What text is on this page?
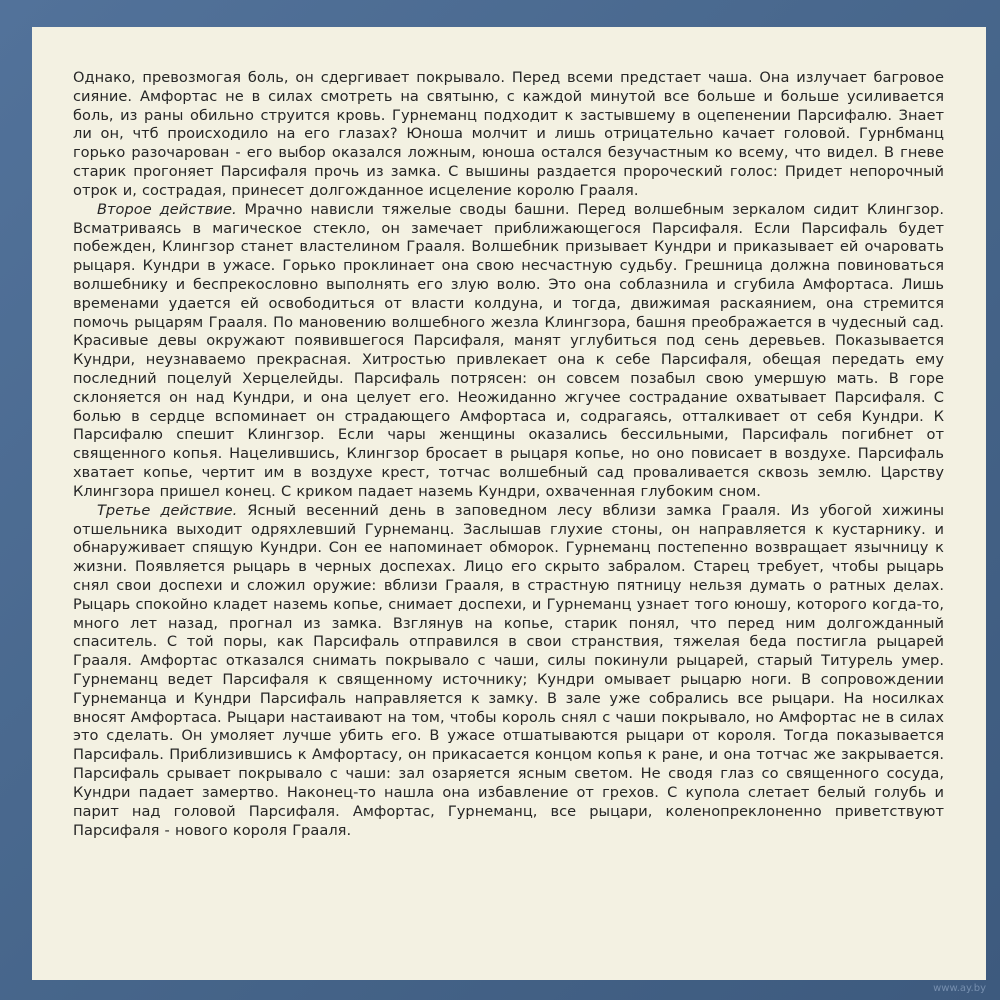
Однако, превозмогая боль, он сдергивает покрывало. Перед всеми предстает чаша. Она излучает багровое сияние. Амфортас не в силах смотреть на святыню, с каждой минутой все больше и больше усиливается боль, из раны обильно струится кровь. Гурнеманц подходит к застывшему в оцепенении Парсифалю. Знает ли он, чтб происходило на его глазах? Юноша молчит и лишь отрицательно качает головой. Гурнбманц горько разочарован - его выбор оказался ложным, юноша остался безучастным ко всему, что видел. В гневе старик прогоняет Парсифаля прочь из замка. С вышины раздается пророческий голос: Придет непорочный отрок и, сострадая, принесет долгожданное исцеление королю Грааля.

Второе действие. Мрачно нависли тяжелые своды башни. Перед волшебным зеркалом сидит Клингзор. Всматриваясь в магическое стекло, он замечает приближающегося Парсифаля. Если Парсифаль будет побежден, Клингзор станет властелином Грааля. Волшебник призывает Кундри и приказывает ей очаровать рыцаря. Кундри в ужасе. Горько проклинает она свою несчастную судьбу. Грешница должна повиноваться волшебнику и беспрекословно выполнять его злую волю. Это она соблазнила и сгубила Амфортаса. Лишь временами удается ей освободиться от власти колдуна, и тогда, движимая раскаянием, она стремится помочь рыцарям Грааля. По мановению волшебного жезла Клингзора, башня преображается в чудесный сад. Красивые девы окружают появившегося Парсифаля, манят углубиться под сень деревьев. Показывается Кундри, неузнаваемо прекрасная. Хитростью привлекает она к себе Парсифаля, обещая передать ему последний поцелуй Херцелейды. Парсифаль потрясен: он совсем позабыл свою умершую мать. В горе склоняется он над Кундри, и она целует его. Неожиданно жгучее сострадание охватывает Парсифаля. С болью в сердце вспоминает он страдающего Амфортаса и, содрагаясь, отталкивает от себя Кундри. К Парсифалю спешит Клингзор. Если чары женщины оказались бессильными, Парсифаль погибнет от священного копья. Нацелившись, Клингзор бросает в рыцаря копье, но оно повисает в воздухе. Парсифаль хватает копье, чертит им в воздухе крест, тотчас волшебный сад проваливается сквозь землю. Царству Клингзора пришел конец. С криком падает наземь Кундри, охваченная глубоким сном.

Третье действие. Ясный весенний день в заповедном лесу вблизи замка Грааля. Из убогой хижины отшельника выходит одряхлевший Гурнеманц. Заслышав глухие стоны, он направляется к кустарнику. и обнаруживает спящую Кундри. Сон ее напоминает обморок. Гурнеманц постепенно возвращает язычницу к жизни. Появляется рыцарь в черных доспехах. Лицо его скрыто забралом. Старец требует, чтобы рыцарь снял свои доспехи и сложил оружие: вблизи Грааля, в страстную пятницу нельзя думать о ратных делах. Рыцарь спокойно кладет наземь копье, снимает доспехи, и Гурнеманц узнает того юношу, которого когда-то, много лет назад, прогнал из замка. Взглянув на копье, старик понял, что перед ним долгожданный спаситель. С той поры, как Парсифаль отправился в свои странствия, тяжелая беда постигла рыцарей Грааля. Амфортас отказался снимать покрывало с чаши, силы покинули рыцарей, старый Титурель умер. Гурнеманц ведет Парсифаля к священному источнику; Кундри омывает рыцарю ноги. В сопровождении Гурнеманца и Кундри Парсифаль направляется к замку. В зале уже собрались все рыцари. На носилках вносят Амфортаса. Рыцари настаивают на том, чтобы король снял с чаши покрывало, но Амфортас не в силах это сделать. Он умоляет лучше убить его. В ужасе отшатываются рыцари от короля. Тогда показывается Парсифаль. Приблизившись к Амфортасу, он прикасается концом копья к ране, и она тотчас же закрывается. Парсифаль срывает покрывало с чаши: зал озаряется ясным светом. Не сводя глаз со священного сосуда, Кундри падает замертво. Наконец-то нашла она избавление от грехов. С купола слетает белый голубь и парит над головой Парсифаля. Амфортас, Гурнеманц, все рыцари, коленопреклоненно приветствуют Парсифаля - нового короля Грааля.

www.ay.by
